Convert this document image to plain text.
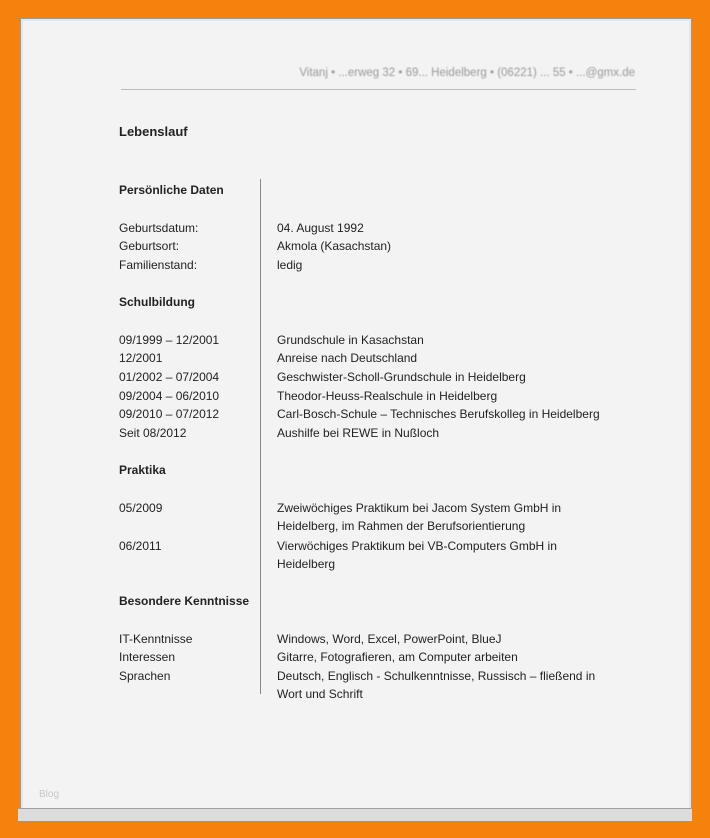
Vitanj • ...erweg 32 • 69... Heidelberg • (06221) ... 55 • ...@gmx.de
Lebenslauf
Persönliche Daten
Geburtsdatum:	04. August 1992
Geburtsort:	Akmola (Kasachstan)
Familienstand:	ledig
Schulbildung
09/1999 – 12/2001	Grundschule in Kasachstan
12/2001	Anreise nach Deutschland
01/2002 – 07/2004	Geschwister-Scholl-Grundschule in Heidelberg
09/2004 – 06/2010	Theodor-Heuss-Realschule in Heidelberg
09/2010 – 07/2012	Carl-Bosch-Schule – Technisches Berufskolleg in Heidelberg
Seit 08/2012	Aushilfe bei REWE in Nußloch
Praktika
05/2009	Zweiwöchiges Praktikum bei Jacom System GmbH in
Heidelberg, im Rahmen der Berufsorientierung
06/2011	Vierwöchiges Praktikum bei VB-Computers GmbH in
Heidelberg
Besondere Kenntnisse
IT-Kenntnisse	Windows, Word, Excel, PowerPoint, BlueJ
Interessen	Gitarre, Fotografieren, am Computer arbeiten
Sprachen	Deutsch, Englisch - Schulkenntnisse, Russisch – fließend in
Wort und Schrift
Blog
